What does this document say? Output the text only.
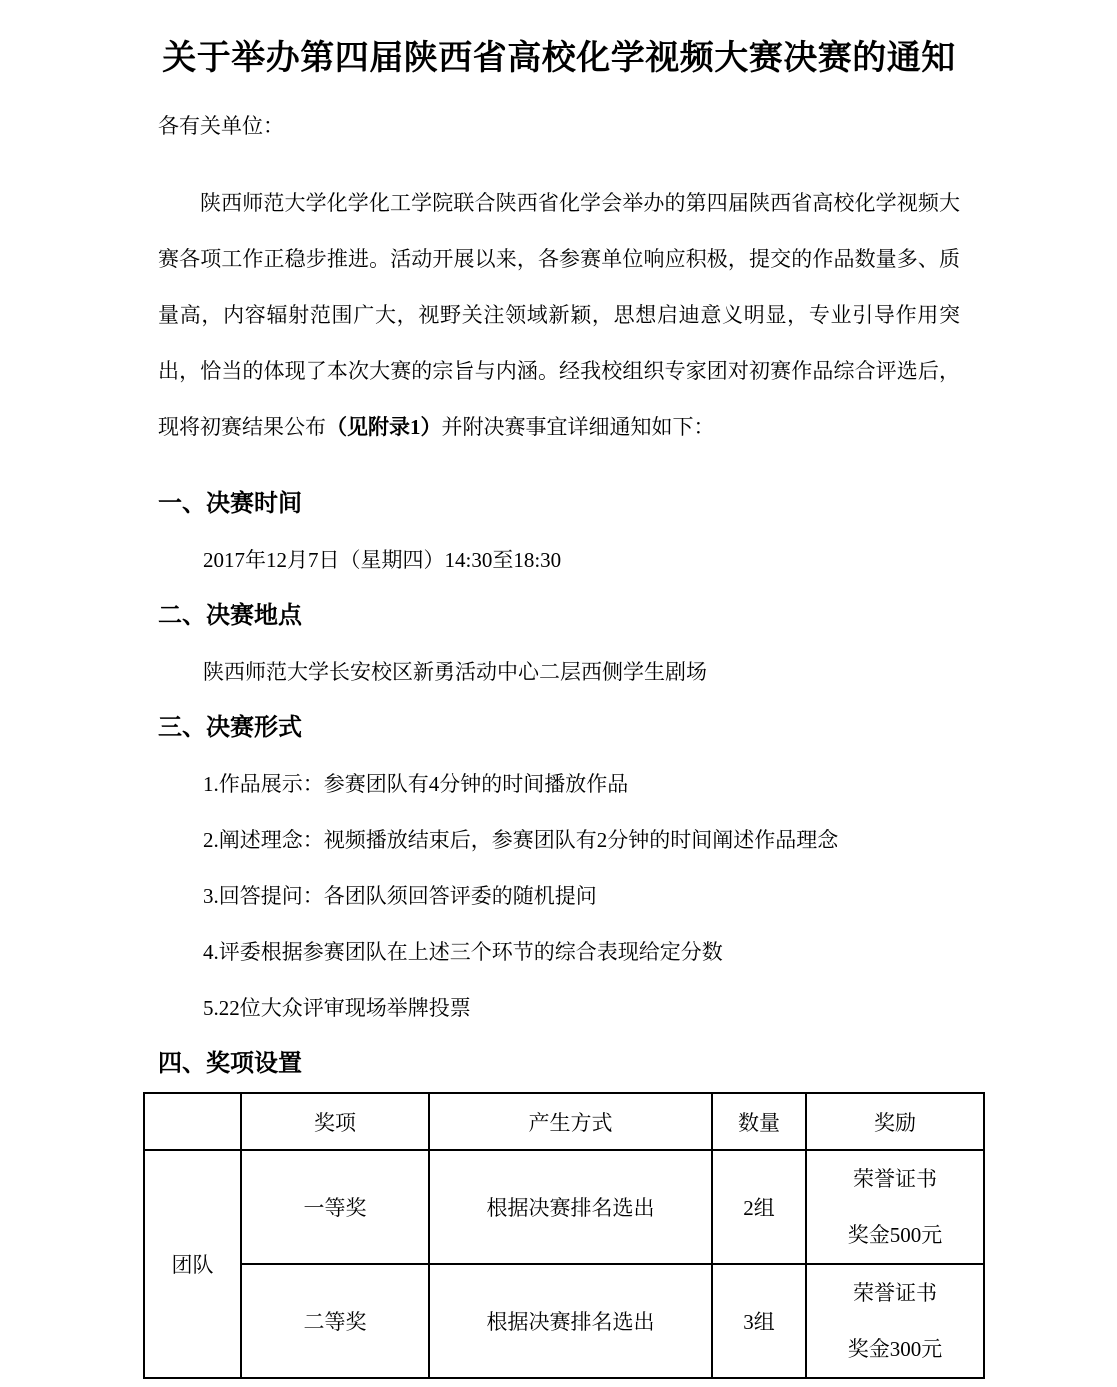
关于举办第四届陕西省高校化学视频大赛决赛的通知
各有关单位：

陕西师范大学化学化工学院联合陕西省化学会举办的第四届陕西省高校化学视频大赛各项工作正稳步推进。活动开展以来，各参赛单位响应积极，提交的作品数量多、质量高，内容辐射范围广大，视野关注领域新颖，思想启迪意义明显，专业引导作用突出，恰当的体现了本次大赛的宗旨与内涵。经我校组织专家团对初赛作品综合评选后，现将初赛结果公布（见附录1）并附决赛事宜详细通知如下：

一、决赛时间
2017年12月7日（星期四）14:30至18:30
二、决赛地点
陕西师范大学长安校区新勇活动中心二层西侧学生剧场
三、决赛形式
1.作品展示：参赛团队有4分钟的时间播放作品
2.阐述理念：视频播放结束后，参赛团队有2分钟的时间阐述作品理念
3.回答提问：各团队须回答评委的随机提问
4.评委根据参赛团队在上述三个环节的综合表现给定分数
5.22位大众评审现场举牌投票
四、奖项设置
	奖项	产生方式	数量	奖励
团队	一等奖	根据决赛排名选出	2组	荣誉证书
奖金500元

	二等奖	根据决赛排名选出	3组	荣誉证书
奖金300元
